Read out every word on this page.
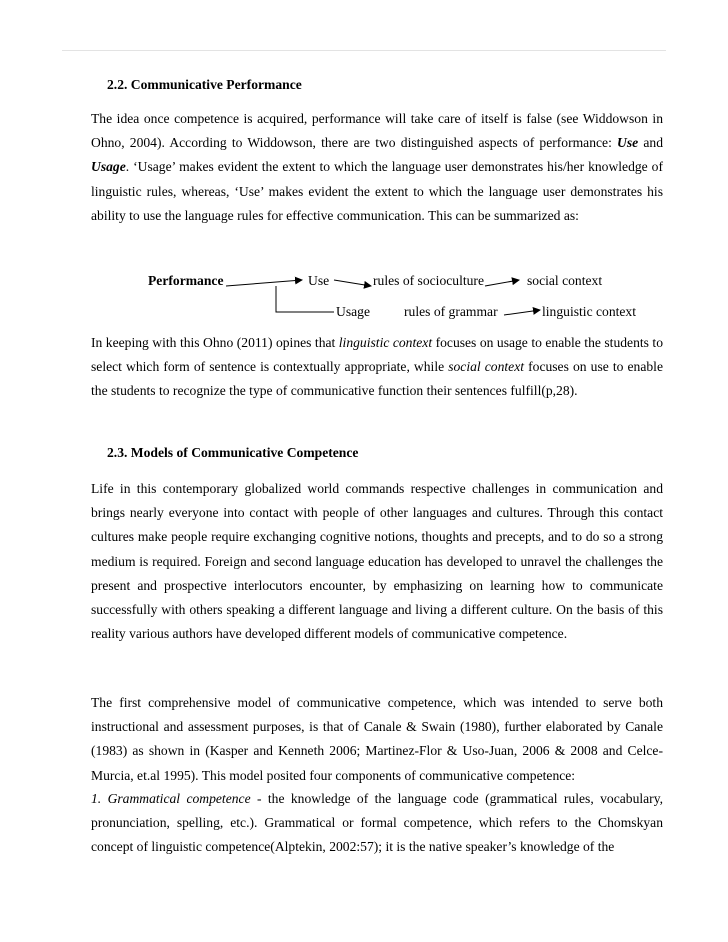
2.2. Communicative Performance

The idea once competence is acquired, performance will take care of itself is false (see Widdowson in Ohno, 2004). According to Widdowson, there are two distinguished aspects of performance: Use and Usage. ‘Usage’ makes evident the extent to which the language user demonstrates his/her knowledge of linguistic rules, whereas, ‘Use’ makes evident the extent to which the language user demonstrates his ability to use the language rules for effective communication. This can be summarized as:

Performance	Use	rules of socioculture	social context
Usage	rules of grammar	linguistic context

In keeping with this Ohno (2011) opines that linguistic context focuses on usage to enable the students to select which form of sentence is contextually appropriate, while social context focuses on use to enable the students to recognize the type of communicative function their sentences fulfill(p,28).

2.3. Models of Communicative Competence

Life in this contemporary globalized world commands respective challenges in communication and brings nearly everyone into contact with people of other languages and cultures. Through this contact cultures make people require exchanging cognitive notions, thoughts and precepts, and to do so a strong medium is required. Foreign and second language education has developed to unravel the challenges the present and prospective interlocutors encounter, by emphasizing on learning how to communicate successfully with others speaking a different language and living a different culture. On the basis of this reality various authors have developed different models of communicative competence.

The first comprehensive model of communicative competence, which was intended to serve both instructional and assessment purposes, is that of Canale & Swain (1980), further elaborated by Canale (1983) as shown in (Kasper and Kenneth 2006; Martinez-Flor & Uso-Juan, 2006 & 2008 and Celce-Murcia, et.al 1995). This model posited four components of communicative competence:

1. Grammatical competence - the knowledge of the language code (grammatical rules, vocabulary, pronunciation, spelling, etc.). Grammatical or formal competence, which refers to the Chomskyan concept of linguistic competence(Alptekin, 2002:57); it is the native speaker’s knowledge of the
